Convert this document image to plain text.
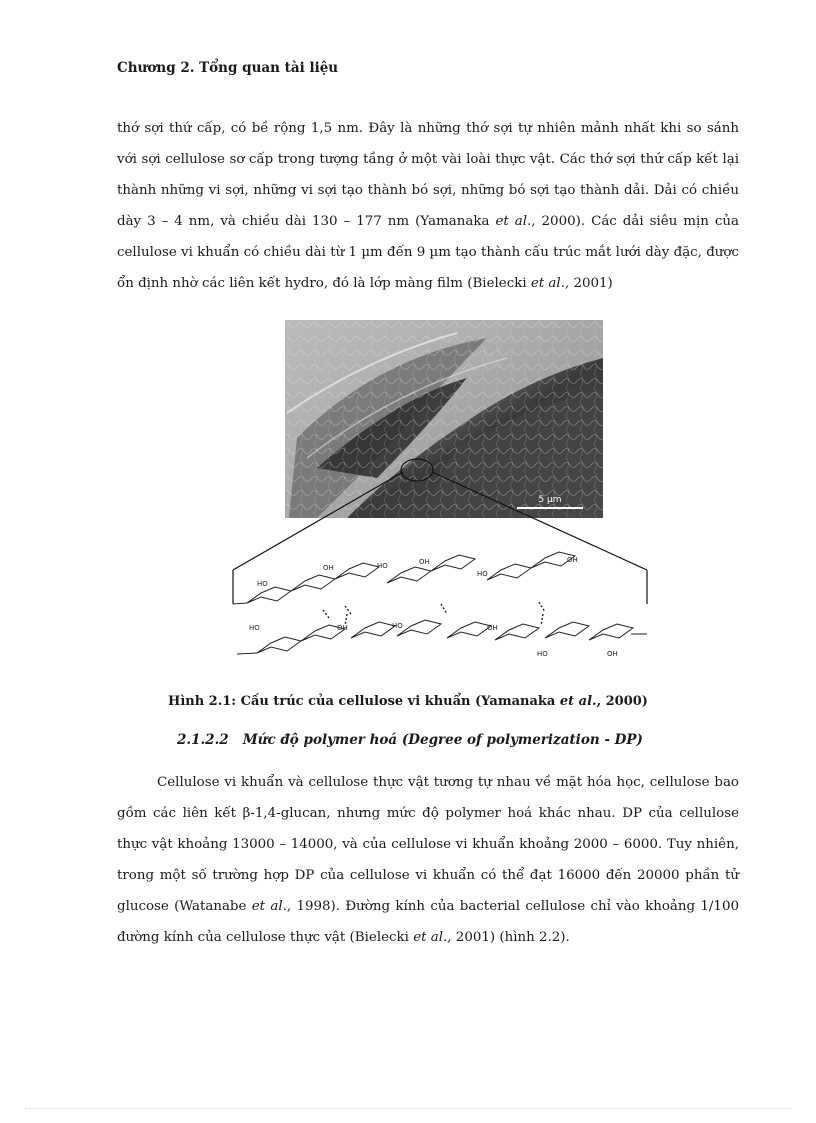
Chương 2. Tổng quan tài liệu
thớ sợi thứ cấp, có bề rộng 1,5 nm. Đây là những thớ sợi tự nhiên mảnh nhất khi so sánh với sợi cellulose sơ cấp trong tượng tầng ở một vài loài thực vật. Các thớ sợi thứ cấp kết lại thành những vi sợi, những vi sợi tạo thành bó sợi, những bó sợi tạo thành dải. Dải có chiều dày 3 – 4 nm, và chiều dài 130 – 177 nm (Yamanaka et al., 2000). Các dải siêu mịn của cellulose vi khuẩn có chiều dài từ 1 µm đến 9 µm tạo thành cấu trúc mắt lưới dày đặc, được ổn định nhờ các liên kết hydro, đó là lớp màng film (Bielecki et al., 2001)
5 µm
HO
OH	HO	OH
HO
OH
HO	OH	HO	OH
HO	OH
Hình 2.1: Cấu trúc của cellulose vi khuẩn (Yamanaka et al., 2000)
2.1.2.2 Mức độ polymer hoá (Degree of polymerization - DP)
Cellulose vi khuẩn và cellulose thực vật tương tự nhau về mặt hóa học, cellulose bao gồm các liên kết β-1,4-glucan, nhưng mức độ polymer hoá khác nhau. DP của cellulose thực vật khoảng 13000 – 14000, và của cellulose vi khuẩn khoảng 2000 – 6000. Tuy nhiên, trong một số trường hợp DP của cellulose vi khuẩn có thể đạt 16000 đến 20000 phần tử glucose (Watanabe et al., 1998). Đường kính của bacterial cellulose chỉ vào khoảng 1/100 đường kính của cellulose thực vật (Bielecki et al., 2001) (hình 2.2).
